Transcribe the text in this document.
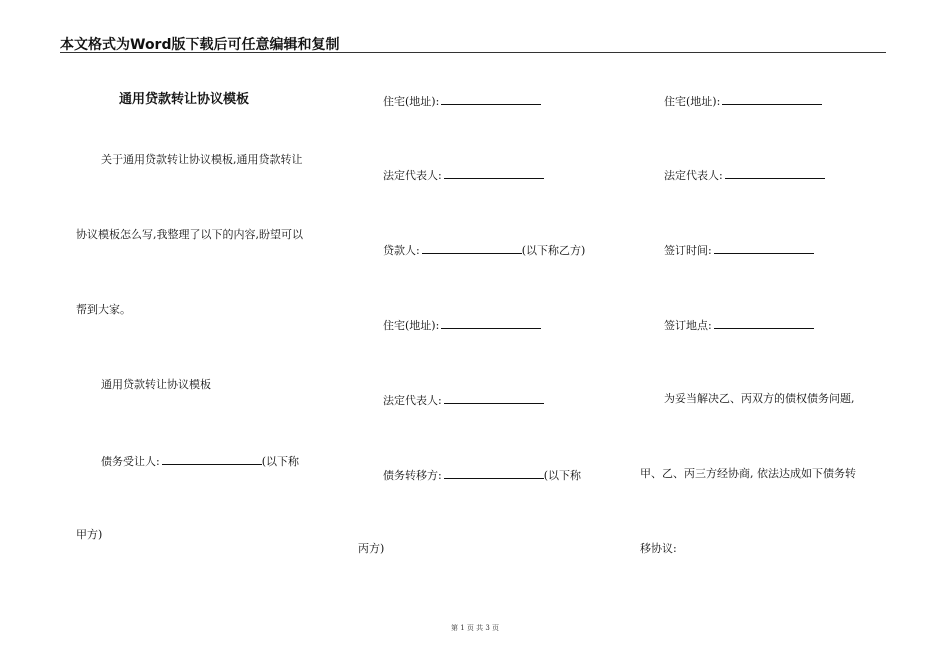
本文格式为Word版下载后可任意编辑和复制
通用贷款转让协议模板
关于通用贷款转让协议模板,通用贷款转让
协议模板怎么写,我整理了以下的内容,盼望可以
帮到大家。
通用贷款转让协议模板
债务受让人:	(以下称
甲方)
住宅(地址):
法定代表人:
贷款人:	(以下称乙方)
住宅(地址):
法定代表人:
债务转移方:	(以下称
丙方)
住宅(地址):
法定代表人:
签订时间:
签订地点:
为妥当解决乙、丙双方的债权债务问题,
甲、乙、丙三方经协商, 依法达成如下债务转
移协议:
第 1 页 共 3 页
